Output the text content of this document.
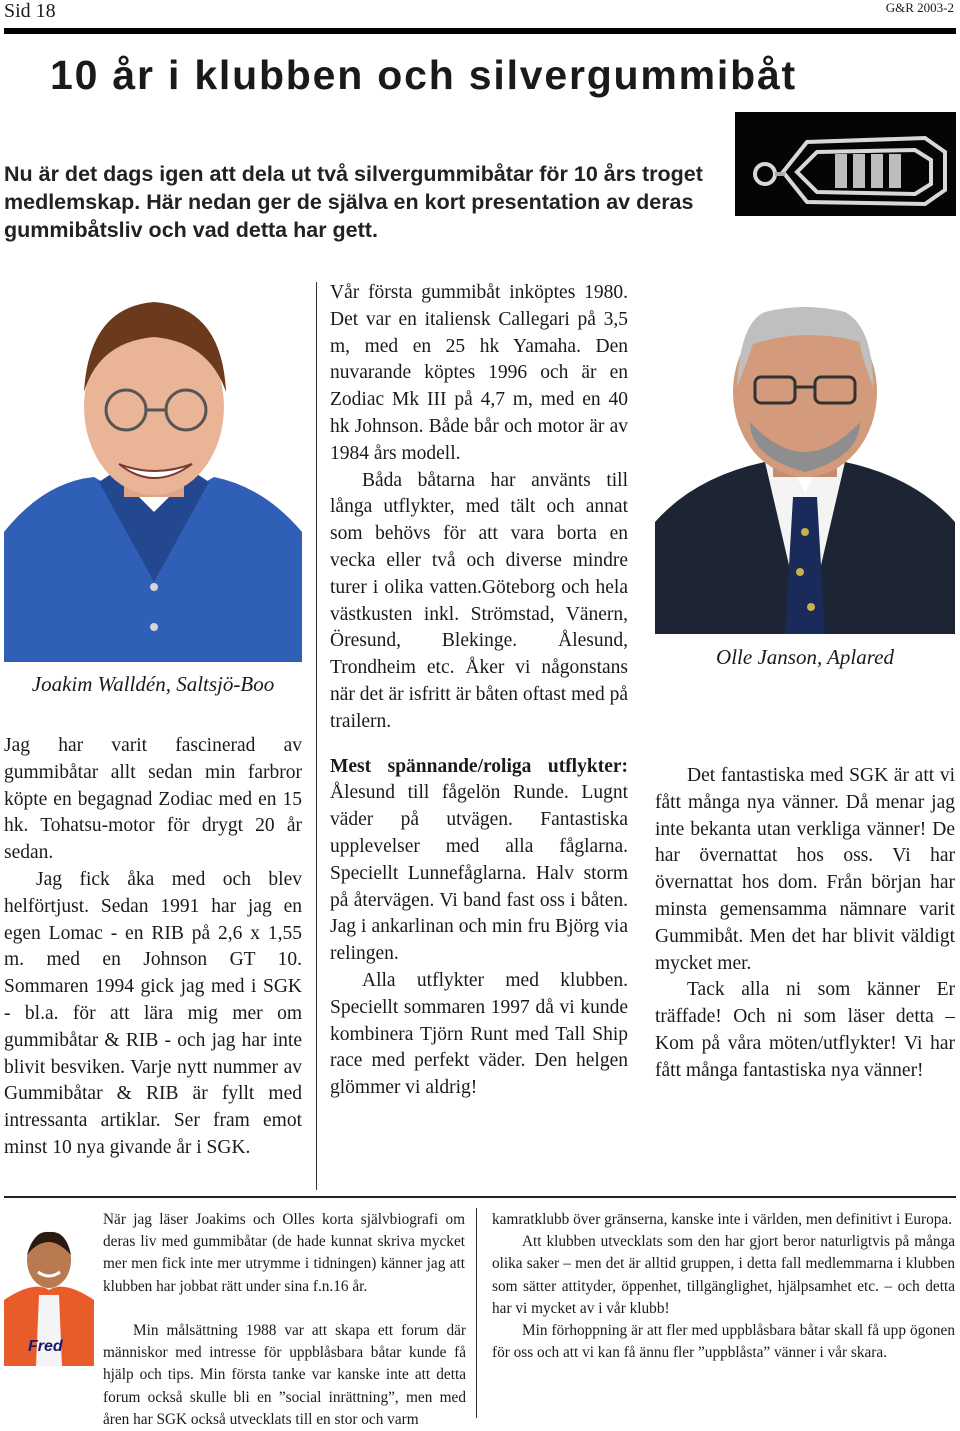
Sid 18	G&R 2003-2
10 år i klubben och silvergummibåt
Nu är det dags igen att dela ut två silvergummibåtar för 10 års troget medlemskap. Här nedan ger de själva en kort presentation av deras gummibåtsliv och vad detta har gett.
Joakim Walldén, Saltsjö-Boo

Jag har varit fascinerad av gummibåtar allt sedan min farbror köpte en begagnad Zodiac med en 15 hk. Tohatsu-motor för drygt 20 år sedan.

Jag fick åka med och blev helförtjust. Sedan 1991 har jag en egen Lomac - en RIB på 2,6 x 1,55 m. med en Johnson GT 10. Sommaren 1994 gick jag med i SGK - bl.a. för att lära mig mer om gummibåtar & RIB - och jag har inte blivit besviken. Varje nytt nummer av Gummibåtar & RIB är fyllt med intressanta artiklar. Ser fram emot minst 10 nya givande år i SGK.

Vår första gummibåt inköptes 1980. Det var en italiensk Callegari på 3,5 m, med en 25 hk Yamaha. Den nuvarande köptes 1996 och är en Zodiac Mk III på 4,7 m, med en 40 hk Johnson. Både bår och motor är av 1984 års modell.

Båda båtarna har använts till långa utflykter, med tält och annat som behövs för att vara borta en vecka eller två och diverse mindre turer i olika vatten.Göteborg och hela västkusten inkl. Strömstad, Vänern, Öresund, Blekinge. Ålesund, Trondheim etc. Åker vi någonstans när det är isfritt är båten oftast med på trailern.

Mest spännande/roliga utflykter: Ålesund till fågelön Runde. Lugnt väder på utvägen. Fantastiska upplevelser med alla fåglarna. Speciellt Lunnefåglarna. Halv storm på återvägen. Vi band fast oss i båten. Jag i ankarlinan och min fru Björg via relingen.

Alla utflykter med klubben. Speciellt sommaren 1997 då vi kunde kombinera Tjörn Runt med Tall Ship race med perfekt väder. Den helgen glömmer vi aldrig!

Olle Janson, Aplared

Det fantastiska med SGK är att vi fått många nya vänner. Då menar jag inte bekanta utan verkliga vänner! De har övernattat hos oss. Vi har övernattat hos dom. Från början har minsta gemensamma nämnare varit Gummibåt. Men det har blivit väldigt mycket mer.

Tack alla ni som känner Er träffade! Och ni som läser detta – Kom på våra möten/utflykter! Vi har fått många fantastiska nya vänner!

Fred

När jag läser Joakims och Olles korta självbiografi om deras liv med gummibåtar (de hade kunnat skriva mycket mer men fick inte mer utrymme i tidningen) känner jag att klubben har jobbat rätt under sina f.n.16 år.

Min målsättning 1988 var att skapa ett forum där människor med intresse för uppblåsbara båtar kunde få hjälp och tips. Min första tanke var kanske inte att detta forum också skulle bli en ”social inrättning”, men med åren har SGK också utvecklats till en stor och varm

kamratklubb över gränserna, kanske inte i världen, men definitivt i Europa.

Att klubben utvecklats som den har gjort beror naturligtvis på många olika saker – men det är alltid gruppen, i detta fall medlemmarna i klubben som sätter attityder, öppenhet, tillgänglighet, hjälpsamhet etc. – och detta har vi mycket av i vår klubb!

Min förhoppning är att fler med uppblåsbara båtar skall få upp ögonen för oss och att vi kan få ännu fler ”uppblåsta” vänner i vår skara.
